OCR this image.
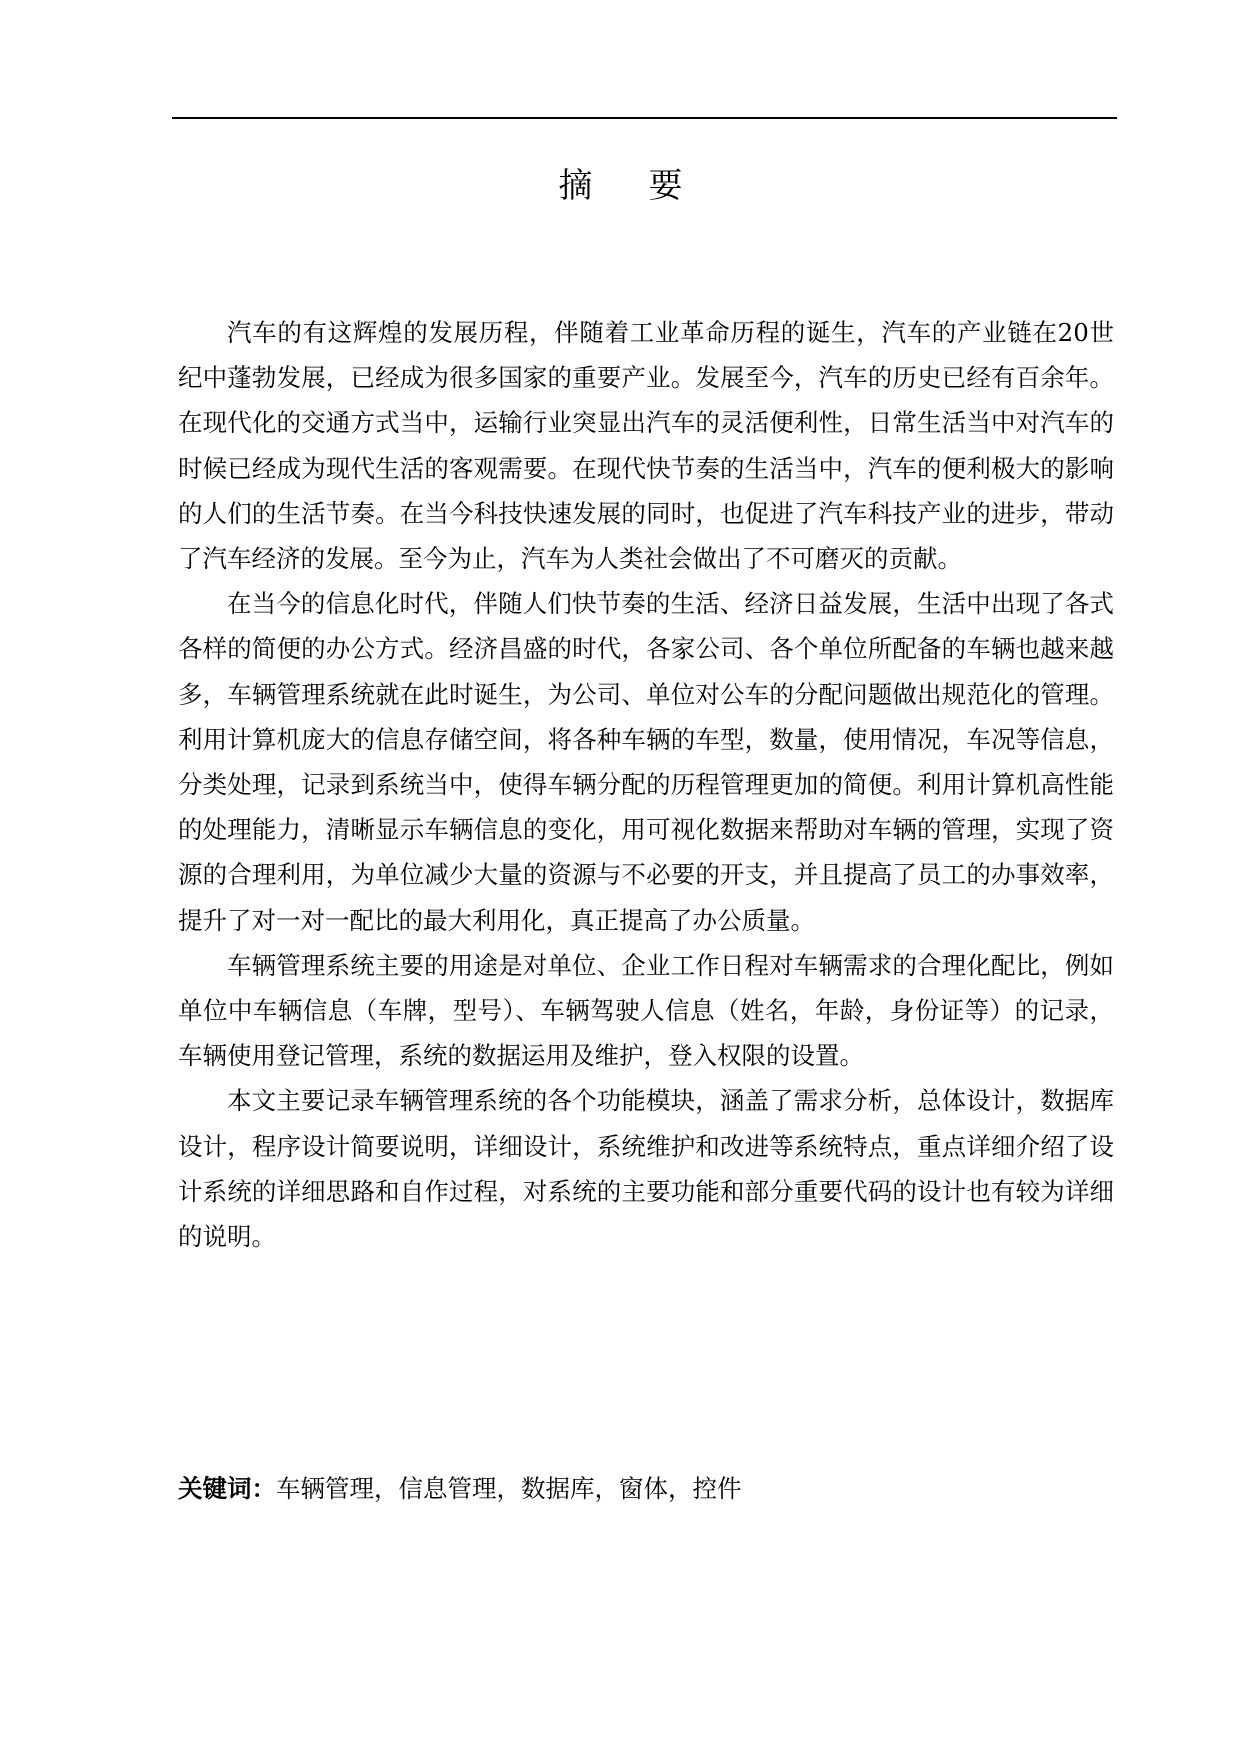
摘 要

汽车的有这辉煌的发展历程，伴随着工业革命历程的诞生，汽车的产业链在20世纪中蓬勃发展，已经成为很多国家的重要产业。发展至今，汽车的历史已经有百余年。在现代化的交通方式当中，运输行业突显出汽车的灵活便利性，日常生活当中对汽车的时候已经成为现代生活的客观需要。在现代快节奏的生活当中，汽车的便利极大的影响的人们的生活节奏。在当今科技快速发展的同时，也促进了汽车科技产业的进步，带动了汽车经济的发展。至今为止，汽车为人类社会做出了不可磨灭的贡献。

在当今的信息化时代，伴随人们快节奏的生活、经济日益发展，生活中出现了各式各样的简便的办公方式。经济昌盛的时代，各家公司、各个单位所配备的车辆也越来越多，车辆管理系统就在此时诞生，为公司、单位对公车的分配问题做出规范化的管理。利用计算机庞大的信息存储空间，将各种车辆的车型，数量，使用情况，车况等信息，分类处理，记录到系统当中，使得车辆分配的历程管理更加的简便。利用计算机高性能的处理能力，清晰显示车辆信息的变化，用可视化数据来帮助对车辆的管理，实现了资源的合理利用，为单位减少大量的资源与不必要的开支，并且提高了员工的办事效率，提升了对一对一配比的最大利用化，真正提高了办公质量。

车辆管理系统主要的用途是对单位、企业工作日程对车辆需求的合理化配比，例如单位中车辆信息（车牌，型号）、车辆驾驶人信息（姓名，年龄，身份证等）的记录，车辆使用登记管理，系统的数据运用及维护，登入权限的设置。

本文主要记录车辆管理系统的各个功能模块，涵盖了需求分析，总体设计，数据库设计，程序设计简要说明，详细设计，系统维护和改进等系统特点，重点详细介绍了设计系统的详细思路和自作过程，对系统的主要功能和部分重要代码的设计也有较为详细的说明。

关键词：车辆管理，信息管理，数据库，窗体，控件
